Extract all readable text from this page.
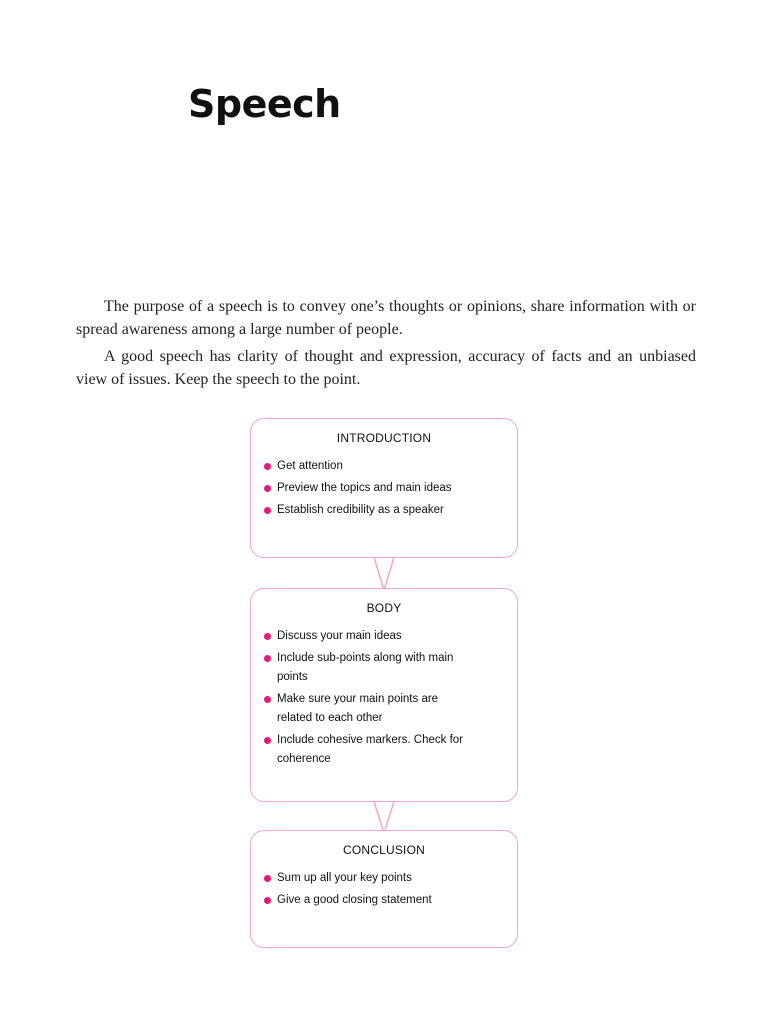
Speech

The purpose of a speech is to convey one’s thoughts or opinions, share information with or spread awareness among a large number of people.

A good speech has clarity of thought and expression, accuracy of facts and an unbiased view of issues. Keep the speech to the point.

INTRODUCTION
Get attention
Preview the topics and main ideas
Establish credibility as a speaker
BODY
Discuss your main ideas
Include sub-points along with main points
Make sure your main points are related to each other
Include cohesive markers. Check for coherence
CONCLUSION
Sum up all your key points
Give a good closing statement
